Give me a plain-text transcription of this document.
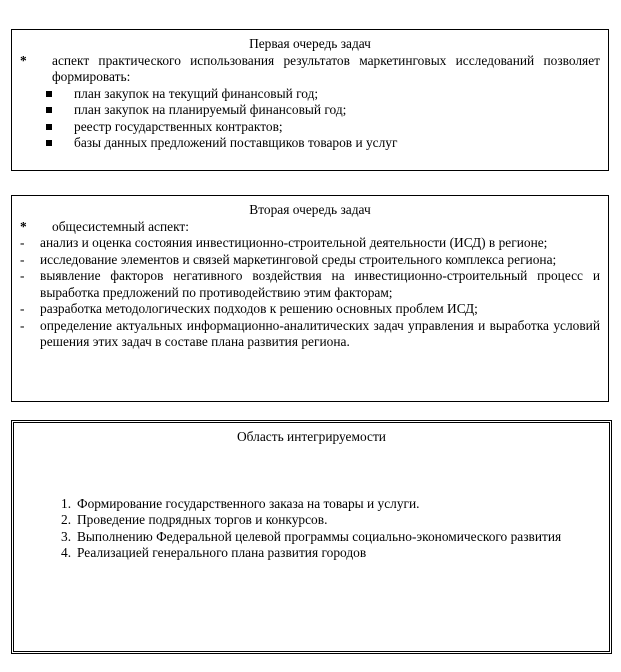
Первая очередь задач
*	аспект практического использования результатов маркетинговых исследований позволяет формировать:
план закупок на текущий финансовый год;
план закупок на планируемый финансовый год;
реестр государственных контрактов;
базы данных предложений поставщиков товаров и услуг
Вторая очередь задач
*	общесистемный аспект:
-	анализ и оценка состояния инвестиционно-строительной деятельности (ИСД) в регионе;
-	исследование элементов и связей маркетинговой среды строительного комплекса региона;
-	выявление факторов негативного воздействия на инвестиционно-строительный процесс и выработка предложений по противодействию этим факторам;
-	разработка методологических подходов к решению основных проблем ИСД;
-	определение актуальных информационно-аналитических задач управления и выработка условий решения этих задач в составе плана развития региона.
Область интегрируемости
1. Формирование государственного заказа на товары и услуги.
2. Проведение подрядных торгов и конкурсов.
3. Выполнению Федеральной целевой программы социально-экономического развития
4. Реализацией генерального плана развития городов
